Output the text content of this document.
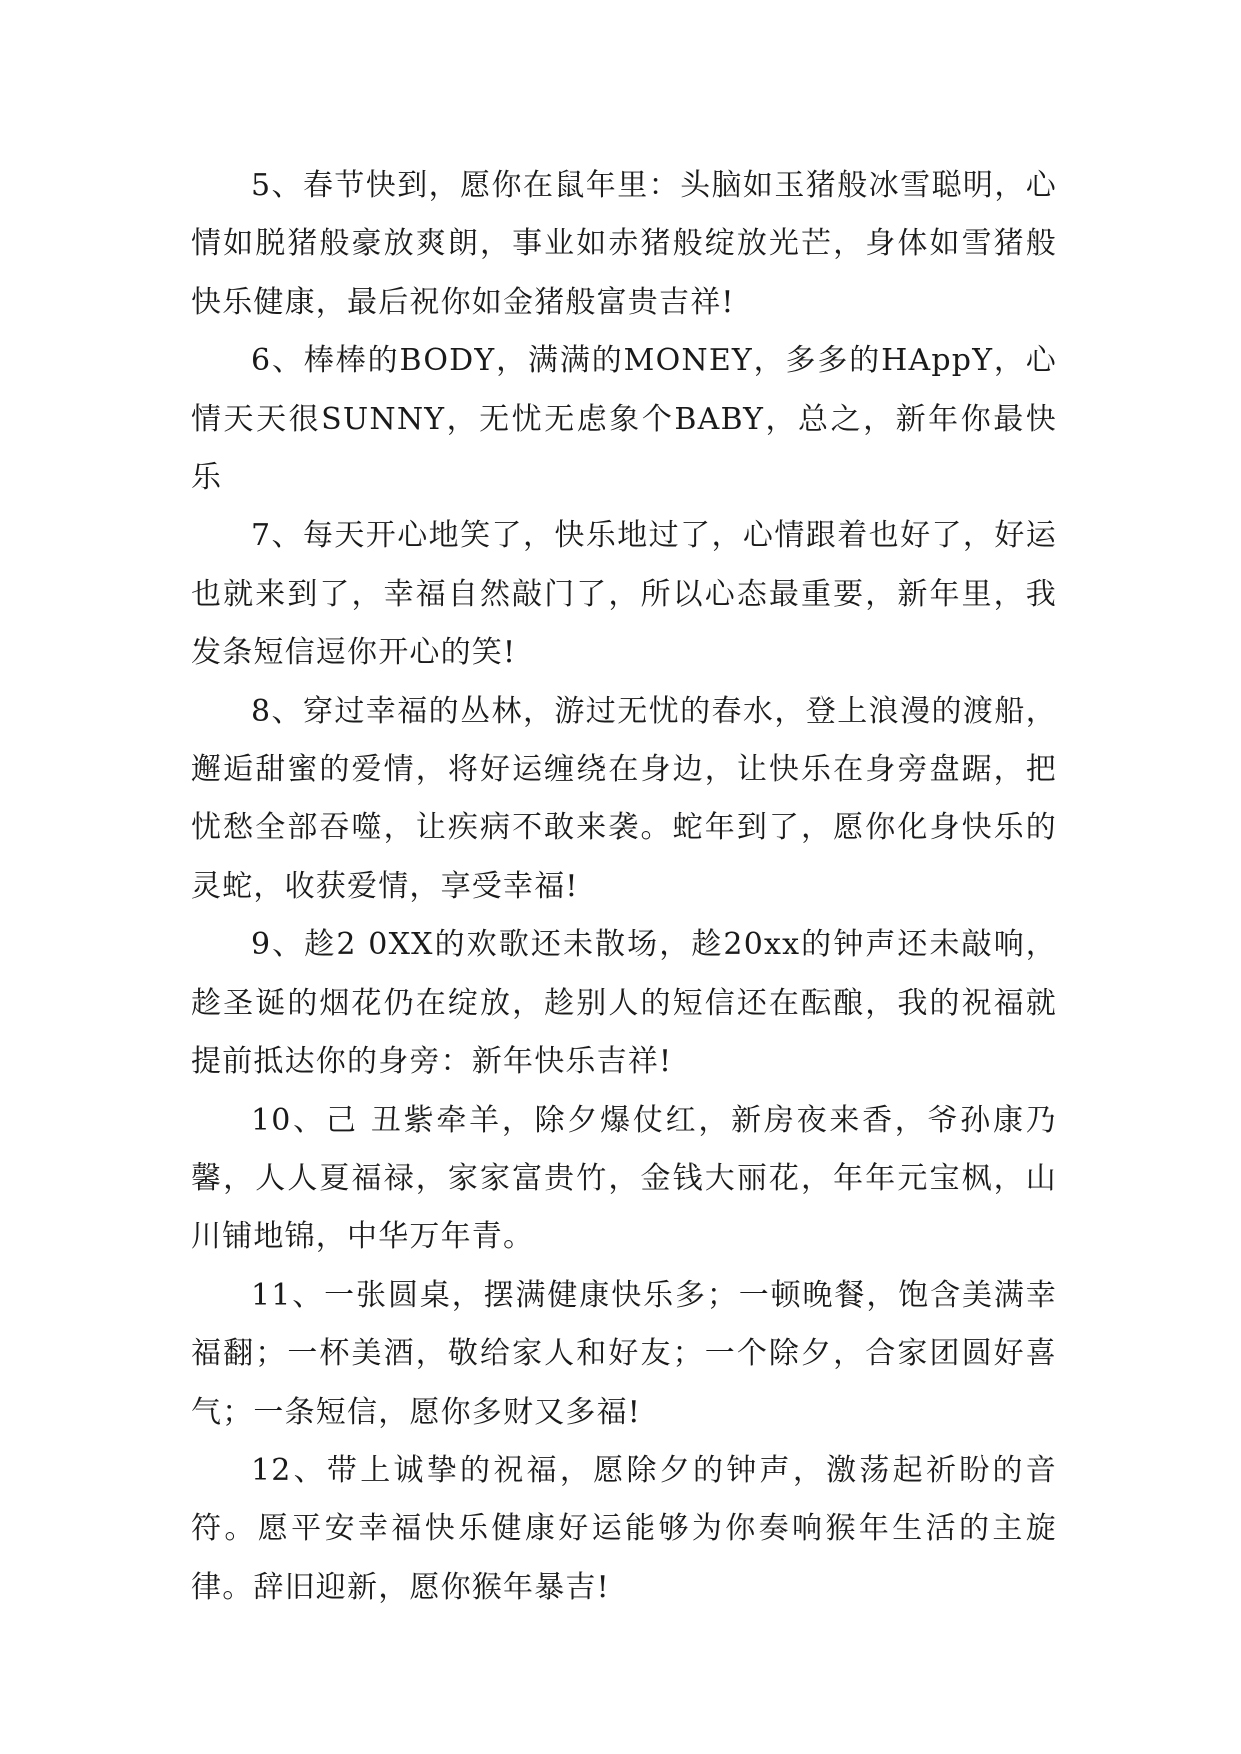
5、春节快到，愿你在鼠年里：头脑如玉猪般冰雪聪明，心情如脱猪般豪放爽朗，事业如赤猪般绽放光芒，身体如雪猪般快乐健康，最后祝你如金猪般富贵吉祥!

6、棒棒的BODY，满满的MONEY，多多的HAppY，心情天天很SUNNY，无忧无虑象个BABY，总之，新年你最快乐

7、每天开心地笑了，快乐地过了，心情跟着也好了，好运也就来到了，幸福自然敲门了，所以心态最重要，新年里，我发条短信逗你开心的笑!

8、穿过幸福的丛林，游过无忧的春水，登上浪漫的渡船，邂逅甜蜜的爱情，将好运缠绕在身边，让快乐在身旁盘踞，把忧愁全部吞噬，让疾病不敢来袭。蛇年到了，愿你化身快乐的灵蛇，收获爱情，享受幸福!

9、趁2 0XX的欢歌还未散场，趁20xx的钟声还未敲响，趁圣诞的烟花仍在绽放，趁别人的短信还在酝酿，我的祝福就提前抵达你的身旁：新年快乐吉祥!

10、己 丑紫牵羊，除夕爆仗红，新房夜来香，爷孙康乃馨，人人夏福禄，家家富贵竹，金钱大丽花，年年元宝枫，山川铺地锦，中华万年青。

11、一张圆桌，摆满健康快乐多；一顿晚餐，饱含美满幸福翻；一杯美酒，敬给家人和好友；一个除夕，合家团圆好喜气；一条短信，愿你多财又多福!

12、带上诚挚的祝福，愿除夕的钟声，激荡起祈盼的音符。愿平安幸福快乐健康好运能够为你奏响猴年生活的主旋律。辞旧迎新，愿你猴年暴吉!
